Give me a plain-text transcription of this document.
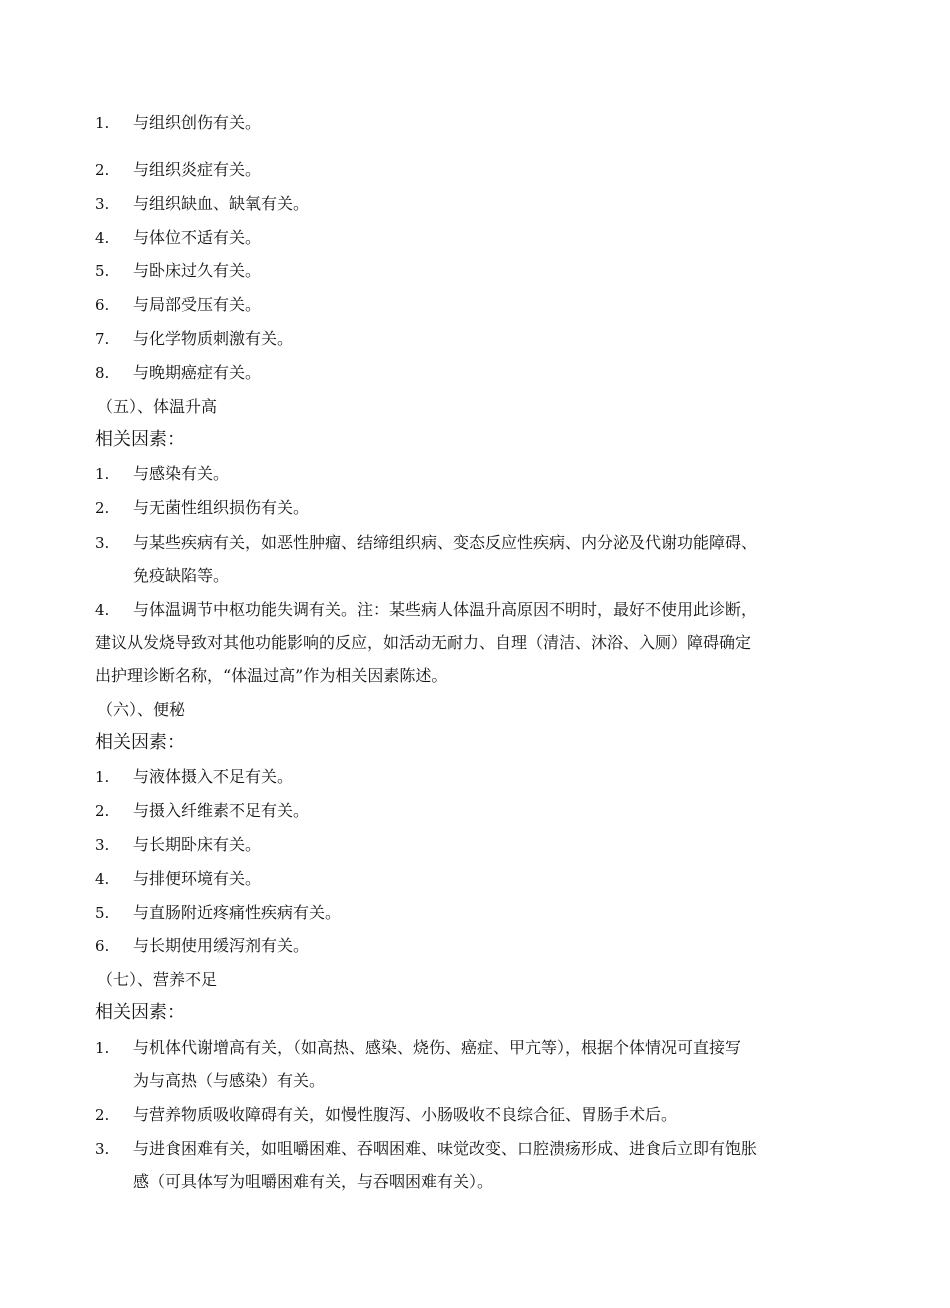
1.	与组织创伤有关。
2.	与组织炎症有关。
3.	与组织缺血、缺氧有关。
4.	与体位不适有关。
5.	与卧床过久有关。
6.	与局部受压有关。
7.	与化学物质刺激有关。
8.	与晚期癌症有关。
（五）、体温升高
相关因素：
1.	与感染有关。
2.	与无菌性组织损伤有关。
3.	与某些疾病有关，如恶性肿瘤、结缔组织病、变态反应性疾病、内分泌及代谢功能障碍、
免疫缺陷等。
4.	与体温调节中枢功能失调有关。注：某些病人体温升高原因不明时，最好不使用此诊断，
建议从发烧导致对其他功能影响的反应，如活动无耐力、自理（清洁、沐浴、入厕）障碍确定
出护理诊断名称，“体温过高”作为相关因素陈述。
（六）、便秘
相关因素：
1.	与液体摄入不足有关。
2.	与摄入纤维素不足有关。
3.	与长期卧床有关。
4.	与排便环境有关。
5.	与直肠附近疼痛性疾病有关。
6.	与长期使用缓泻剂有关。
（七）、营养不足
相关因素：
1.	与机体代谢增高有关，（如高热、感染、烧伤、癌症、甲亢等），根据个体情况可直接写
为与高热（与感染）有关。
2.	与营养物质吸收障碍有关，如慢性腹泻、小肠吸收不良综合征、胃肠手术后。
3.	与进食困难有关，如咀嚼困难、吞咽困难、味觉改变、口腔溃疡形成、进食后立即有饱胀
感（可具体写为咀嚼困难有关，与吞咽困难有关）。
